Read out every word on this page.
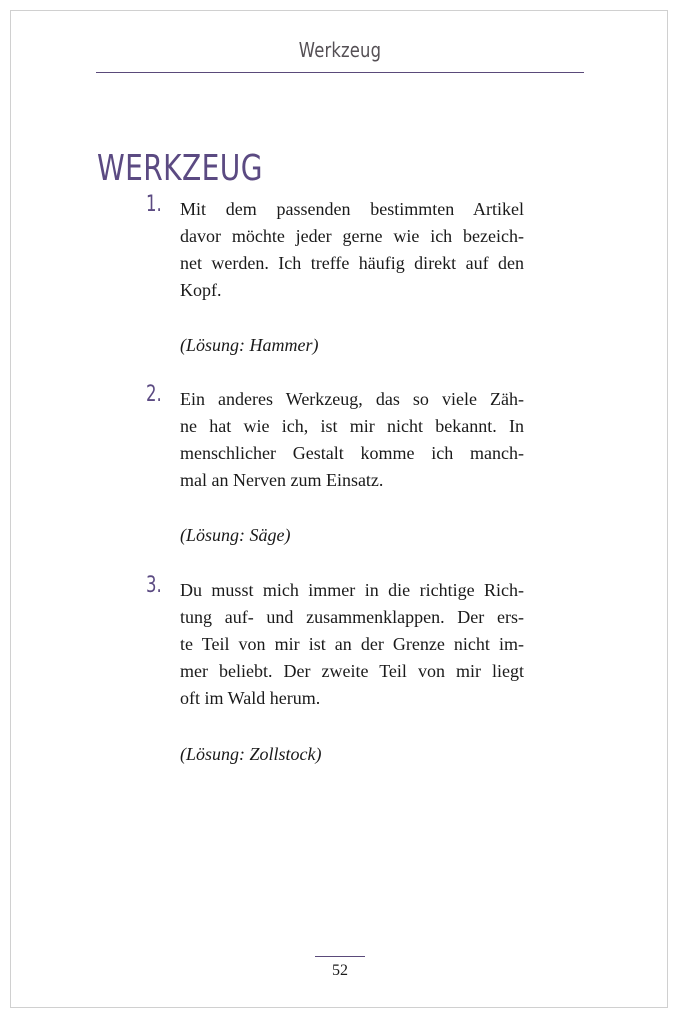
Werkzeug
WERKZEUG
1. Mit dem passenden bestimmten Artikel
davor möchte jeder gerne wie ich bezeich-
net werden. Ich treffe häufig direkt auf den
Kopf.

(Lösung: Hammer)
2. Ein anderes Werkzeug, das so viele Zäh-
ne hat wie ich, ist mir nicht bekannt. In
menschlicher Gestalt komme ich manch-
mal an Nerven zum Einsatz.

(Lösung: Säge)
3. Du musst mich immer in die richtige Rich-
tung auf- und zusammenklappen. Der ers-
te Teil von mir ist an der Grenze nicht im-
mer beliebt. Der zweite Teil von mir liegt
oft im Wald herum.

(Lösung: Zollstock)
52
